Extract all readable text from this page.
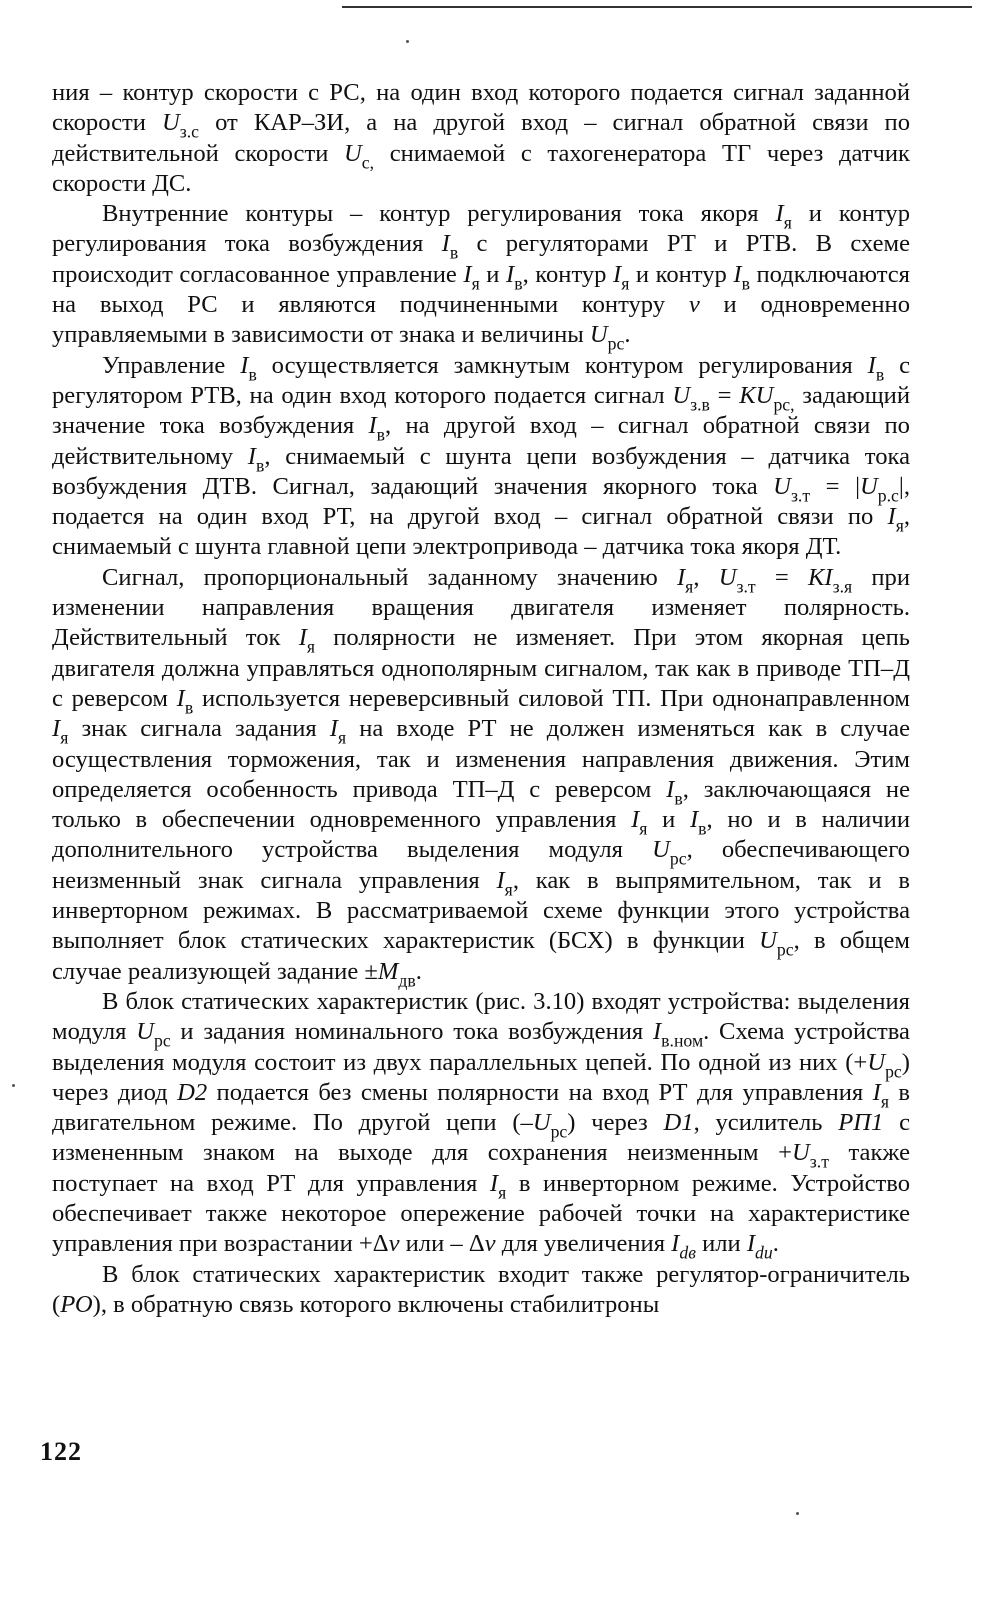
ния – контур скорости с РС, на один вход которого подается сигнал заданной скорости $U_{з.с}$ от КАР–ЗИ, а на другой вход – сигнал обратной связи по действительной скорости $U_{с,}$ снимаемой с тахогенератора ТГ через датчик скорости ДС.

Внутренние контуры – контур регулирования тока якоря $I_я$ и контур регулирования тока возбуждения $I_в$ с регуляторами РТ и РТВ. В схеме происходит согласованное управление $I_я$ и $I_в$, контур $I_я$ и контур $I_в$ подключаются на выход РС и являются подчиненными контуру v и одновременно управляемыми в зависимости от знака и величины $U_{рс}$.

Управление $I_в$ осуществляется замкнутым контуром регулирования $I_в$ с регулятором РТВ, на один вход которого подается сигнал $U_{з.в} = KU_{рс,}$ задающий значение тока возбуждения $I_в$, на другой вход – сигнал обратной связи по действительному $I_в$, снимаемый с шунта цепи возбуждения – датчика тока возбуждения ДТВ. Сигнал, задающий значения якорного тока $U_{з.т} = |U_{р.с}|$, подается на один вход РТ, на другой вход – сигнал обратной связи по $I_я$, снимаемый с шунта главной цепи электропривода – датчика тока якоря ДТ.

Сигнал, пропорциональный заданному значению $I_я$, $U_{з.т} = KI_{з.я}$ при изменении направления вращения двигателя изменяет полярность. Действительный ток $I_я$ полярности не изменяет. При этом якорная цепь двигателя должна управляться однополярным сигналом, так как в приводе ТП–Д с реверсом $I_в$ используется нереверсивный силовой ТП. При однонаправленном $I_я$ знак сигнала задания $I_я$ на входе РТ не должен изменяться как в случае осуществления торможения, так и изменения направления движения. Этим определяется особенность привода ТП–Д с реверсом $I_в$, заключающаяся не только в обеспечении одновременного управления $I_я$ и $I_в$, но и в наличии дополнительного устройства выделения модуля $U_{рс}$, обеспечивающего неизменный знак сигнала управления $I_я$, как в выпрямительном, так и в инверторном режимах. В рассматриваемой схеме функции этого устройства выполняет блок статических характеристик (БСХ) в функции $U_{рс}$, в общем случае реализующей задание $\pm M_{дв}$.

В блок статических характеристик (рис. 3.10) входят устройства: выделения модуля $U_{рс}$ и задания номинального тока возбуждения $I_{в.ном}$. Схема устройства выделения модуля состоит из двух параллельных цепей. По одной из них $(+U_{рс})$ через диод D2 подается без смены полярности на вход РТ для управления $I_я$ в двигательном режиме. По другой цепи $(-U_{рс})$ через D1, усилитель РП1 с измененным знаком на выходе для сохранения неизменным $+U_{з.т}$ также поступает на вход РТ для управления $I_я$ в инверторном режиме. Устройство обеспечивает также некоторое опережение рабочей точки на характеристике управления при возрастании +Δv или – Δv для увеличения $I_{dв}$ или $I_{dи}$.

В блок статических характеристик входит также регулятор-ограничитель (РО), в обратную связь которого включены стабилитроны

122
